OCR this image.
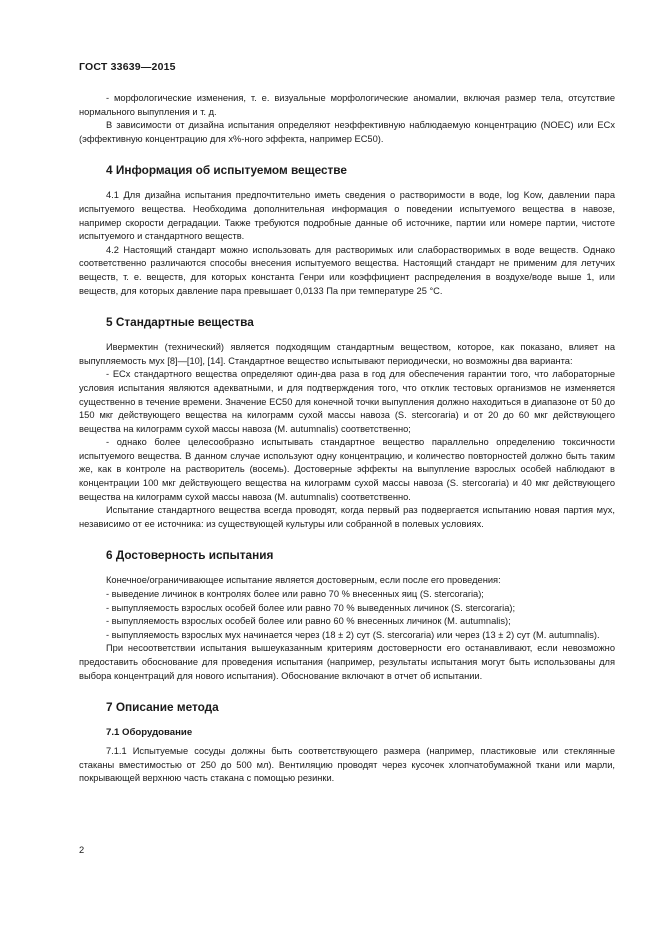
ГОСТ 33639—2015

- морфологические изменения, т. е. визуальные морфологические аномалии, включая размер тела, отсутствие нормального выпупления и т. д.

В зависимости от дизайна испытания определяют неэффективную наблюдаемую концентрацию (NOEC) или ECx (эффективную концентрацию для х%-ного эффекта, например EC50).

4 Информация об испытуемом веществе

4.1 Для дизайна испытания предпочтительно иметь сведения о растворимости в воде, log Kow, давлении пара испытуемого вещества. Необходима дополнительная информация о поведении испытуемого вещества в навозе, например скорости деградации. Также требуются подробные данные об источнике, партии или номере партии, чистоте испытуемого и стандартного веществ.

4.2 Настоящий стандарт можно использовать для растворимых или слаборастворимых в воде веществ. Однако соответственно различаются способы внесения испытуемого вещества. Настоящий стандарт не применим для летучих веществ, т. е. веществ, для которых константа Генри или коэффициент распределения в воздухе/воде выше 1, или веществ, для которых давление пара превышает 0,0133 Па при температуре 25 °С.

5 Стандартные вещества

Ивермектин (технический) является подходящим стандартным веществом, которое, как показано, влияет на выпупляемость мух [8]—[10], [14]. Стандартное вещество испытывают периодически, но возможны два варианта:

- ECx стандартного вещества определяют один-два раза в год для обеспечения гарантии того, что лабораторные условия испытания являются адекватными, и для подтверждения того, что отклик тестовых организмов не изменяется существенно в течение времени. Значение EC50 для конечной точки выпупления должно находиться в диапазоне от 50 до 150 мкг действующего вещества на килограмм сухой массы навоза (S. stercoraria) и от 20 до 60 мкг действующего вещества на килограмм сухой массы навоза (M. autumnalis) соответственно;

- однако более целесообразно испытывать стандартное вещество параллельно определению токсичности испытуемого вещества. В данном случае используют одну концентрацию, и количество повторностей должно быть таким же, как в контроле на растворитель (восемь). Достоверные эффекты на выпупление взрослых особей наблюдают в концентрации 100 мкг действующего вещества на килограмм сухой массы навоза (S. stercoraria) и 40 мкг действующего вещества на килограмм сухой массы навоза (M. autumnalis) соответственно.

Испытание стандартного вещества всегда проводят, когда первый раз подвергается испытанию новая партия мух, независимо от ее источника: из существующей культуры или собранной в полевых условиях.

6 Достоверность испытания

Конечное/ограничивающее испытание является достоверным, если после его проведения:

- выведение личинок в контролях более или равно 70 % внесенных яиц (S. stercoraria);

- выпупляемость взрослых особей более или равно 70 % выведенных личинок (S. stercoraria);

- выпупляемость взрослых особей более или равно 60 % внесенных личинок (M. autumnalis);

- выпупляемость взрослых мух начинается через (18 ± 2) сут (S. stercoraria) или через (13 ± 2) сут (M. autumnalis).

При несоответствии испытания вышеуказанным критериям достоверности его останавливают, если невозможно предоставить обоснование для проведения испытания (например, результаты испытания могут быть использованы для выбора концентраций для нового испытания). Обоснование включают в отчет об испытании.

7 Описание метода
7.1 Оборудование

7.1.1 Испытуемые сосуды должны быть соответствующего размера (например, пластиковые или стеклянные стаканы вместимостью от 250 до 500 мл). Вентиляцию проводят через кусочек хлопчатобумажной ткани или марли, покрывающей верхнюю часть стакана с помощью резинки.

2
